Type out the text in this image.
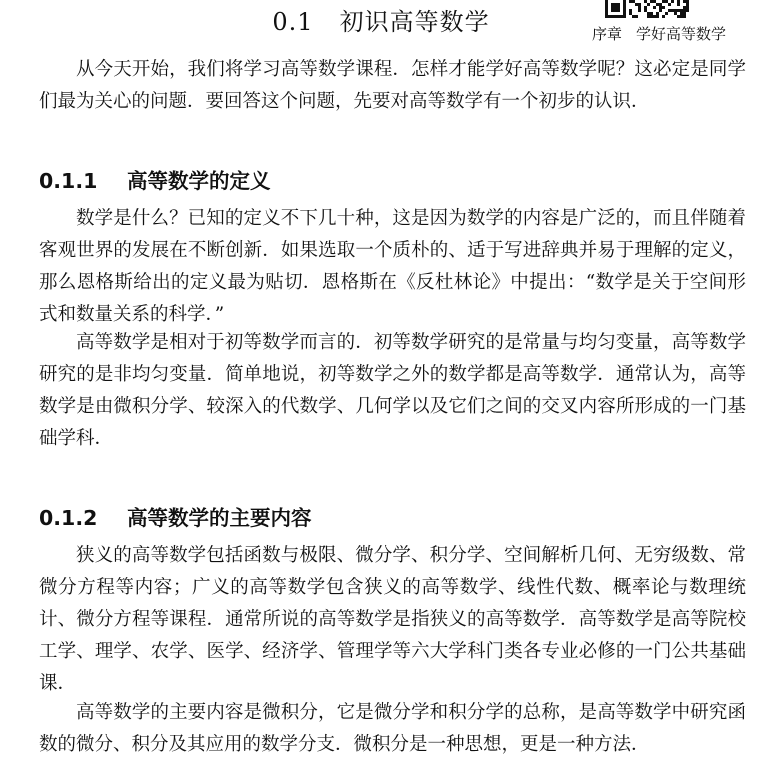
0.1 初识高等数学	序章 学好高等数学

从今天开始，我们将学习高等数学课程．怎样才能学好高等数学呢？这必定是同学们最为关心的问题．要回答这个问题，先要对高等数学有一个初步的认识．

0.1.1 高等数学的定义

数学是什么？已知的定义不下几十种，这是因为数学的内容是广泛的，而且伴随着客观世界的发展在不断创新．如果选取一个质朴的、适于写进辞典并易于理解的定义，那么恩格斯给出的定义最为贴切．恩格斯在《反杜林论》中提出：“数学是关于空间形式和数量关系的科学．”

高等数学是相对于初等数学而言的．初等数学研究的是常量与均匀变量，高等数学研究的是非均匀变量．简单地说，初等数学之外的数学都是高等数学．通常认为，高等数学是由微积分学、较深入的代数学、几何学以及它们之间的交叉内容所形成的一门基础学科．

0.1.2 高等数学的主要内容

狭义的高等数学包括函数与极限、微分学、积分学、空间解析几何、无穷级数、常微分方程等内容；广义的高等数学包含狭义的高等数学、线性代数、概率论与数理统计、微分方程等课程．通常所说的高等数学是指狭义的高等数学．高等数学是高等院校工学、理学、农学、医学、经济学、管理学等六大学科门类各专业必修的一门公共基础课．

高等数学的主要内容是微积分，它是微分学和积分学的总称，是高等数学中研究函数的微分、积分及其应用的数学分支．微积分是一种思想，更是一种方法．
